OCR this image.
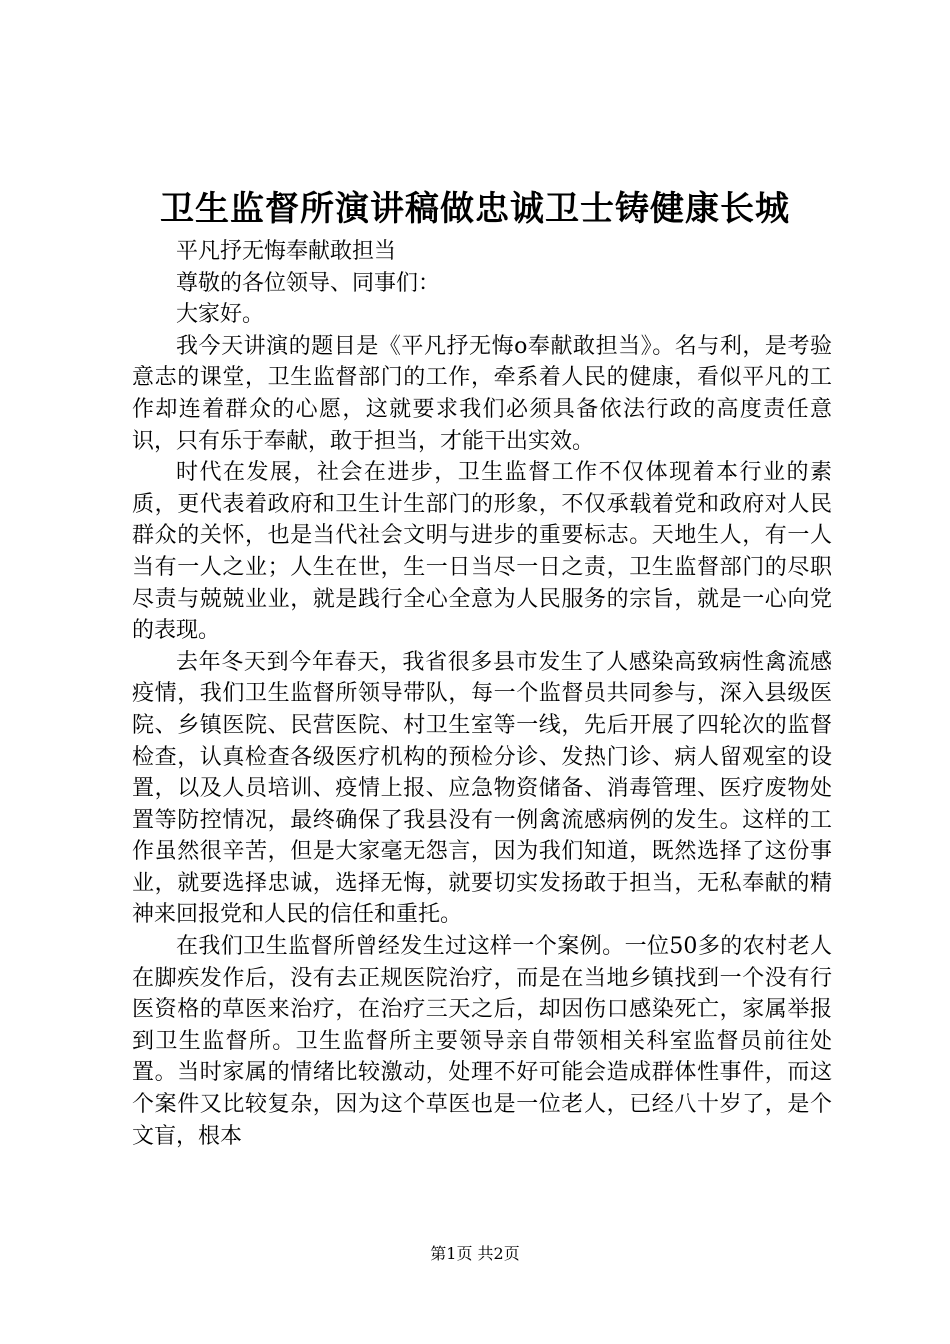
卫生监督所演讲稿做忠诚卫士铸健康长城

平凡抒无悔奉献敢担当

尊敬的各位领导、同事们：

大家好。

我今天讲演的题目是《平凡抒无悔o奉献敢担当》。名与利，是考验意志的课堂，卫生监督部门的工作，牵系着人民的健康，看似平凡的工作却连着群众的心愿，这就要求我们必须具备依法行政的高度责任意识，只有乐于奉献，敢于担当，才能干出实效。

时代在发展，社会在进步，卫生监督工作不仅体现着本行业的素质，更代表着政府和卫生计生部门的形象，不仅承载着党和政府对人民群众的关怀，也是当代社会文明与进步的重要标志。天地生人，有一人当有一人之业；人生在世，生一日当尽一日之责，卫生监督部门的尽职尽责与兢兢业业，就是践行全心全意为人民服务的宗旨，就是一心向党的表现。

去年冬天到今年春天，我省很多县市发生了人感染高致病性禽流感疫情，我们卫生监督所领导带队，每一个监督员共同参与，深入县级医院、乡镇医院、民营医院、村卫生室等一线，先后开展了四轮次的监督检查，认真检查各级医疗机构的预检分诊、发热门诊、病人留观室的设置，以及人员培训、疫情上报、应急物资储备、消毒管理、医疗废物处置等防控情况，最终确保了我县没有一例禽流感病例的发生。这样的工作虽然很辛苦，但是大家毫无怨言，因为我们知道，既然选择了这份事业，就要选择忠诚，选择无悔，就要切实发扬敢于担当，无私奉献的精神来回报党和人民的信任和重托。

在我们卫生监督所曾经发生过这样一个案例。一位50多的农村老人在脚疾发作后，没有去正规医院治疗，而是在当地乡镇找到一个没有行医资格的草医来治疗，在治疗三天之后，却因伤口感染死亡，家属举报到卫生监督所。卫生监督所主要领导亲自带领相关科室监督员前往处置。当时家属的情绪比较激动，处理不好可能会造成群体性事件，而这个案件又比较复杂，因为这个草医也是一位老人，已经八十岁了，是个文盲，根本

第1页 共2页
